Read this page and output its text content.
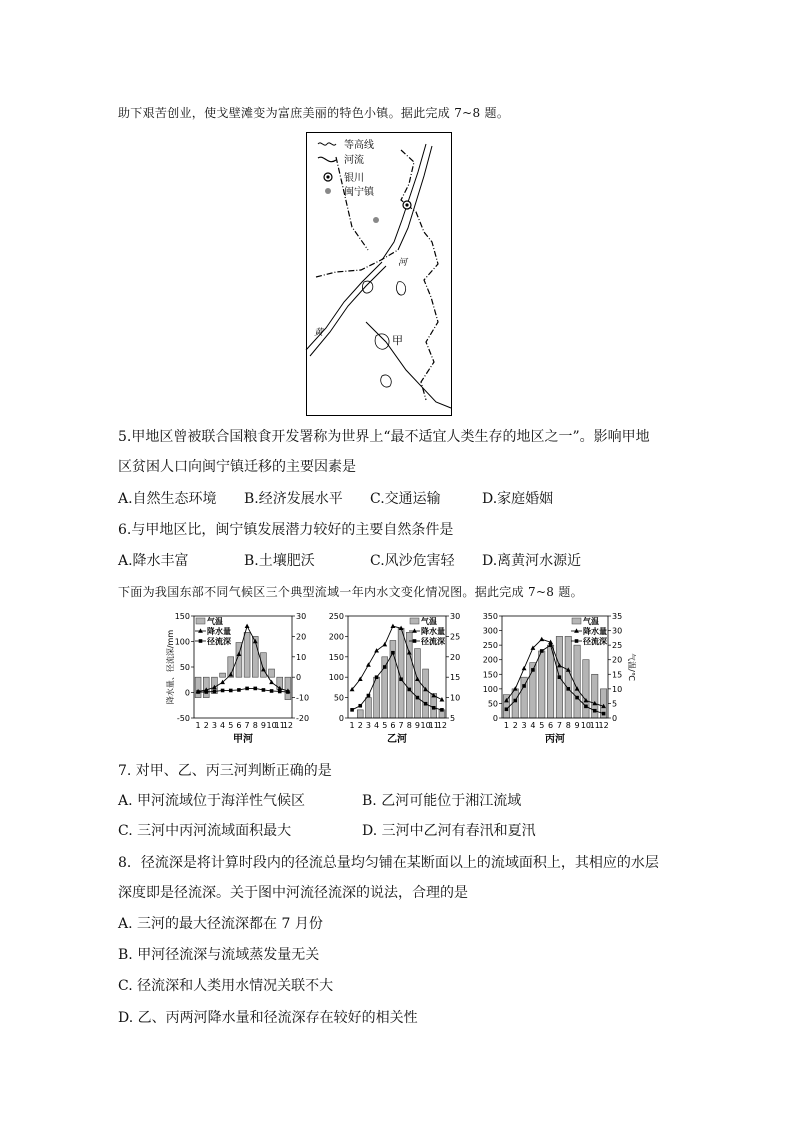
助下艰苦创业，使戈壁滩变为富庶美丽的特色小镇。据此完成 7~8 题。
等高线
河流
银川
闽宁镇
河
黄
甲
5.甲地区曾被联合国粮食开发署称为世界上“最不适宜人类生存的地区之一”。影响甲地
区贫困人口向闽宁镇迁移的主要因素是
A.自然生态环境 B.经济发展水平 C.交通运输	D.家庭婚姻
6.与甲地区比，闽宁镇发展潜力较好的主要自然条件是
A.降水丰富	B.土壤肥沃	C.风沙危害轻 D.离黄河水源近
下面为我国东部不同气候区三个典型流域一年内水文变化情况图。据此完成 7~8 题。
-50
0
50
100
150
-20
-10
0
10
20
30
1 2 3 4 5 6 7 8 9 10
11
12
气温
降水量
径流深
降水量、径流深/mm
甲河
0
50
100
150
200
250
5
10
15
20
25
30
1 2 3 4 5 6 7 8 9 10
11
12
气温
降水量
径流深
乙河
0
50
100
150
200
250
300
350
0
5
10
15
20
25
30
35
1 2 3 4 5 6 7 8 9 10
11
12
气温
降水量
径流深
气温/℃
丙河
7. 对甲、乙、丙三河判断正确的是
A. 甲河流域位于海洋性气候区	B. 乙河可能位于湘江流域
C. 三河中丙河流域面积最大	D. 三河中乙河有春汛和夏汛
8．径流深是将计算时段内的径流总量均匀铺在某断面以上的流域面积上，其相应的水层
深度即是径流深。关于图中河流径流深的说法，合理的是
A. 三河的最大径流深都在 7 月份
B. 甲河径流深与流域蒸发量无关
C. 径流深和人类用水情况关联不大
D. 乙、丙两河降水量和径流深存在较好的相关性
